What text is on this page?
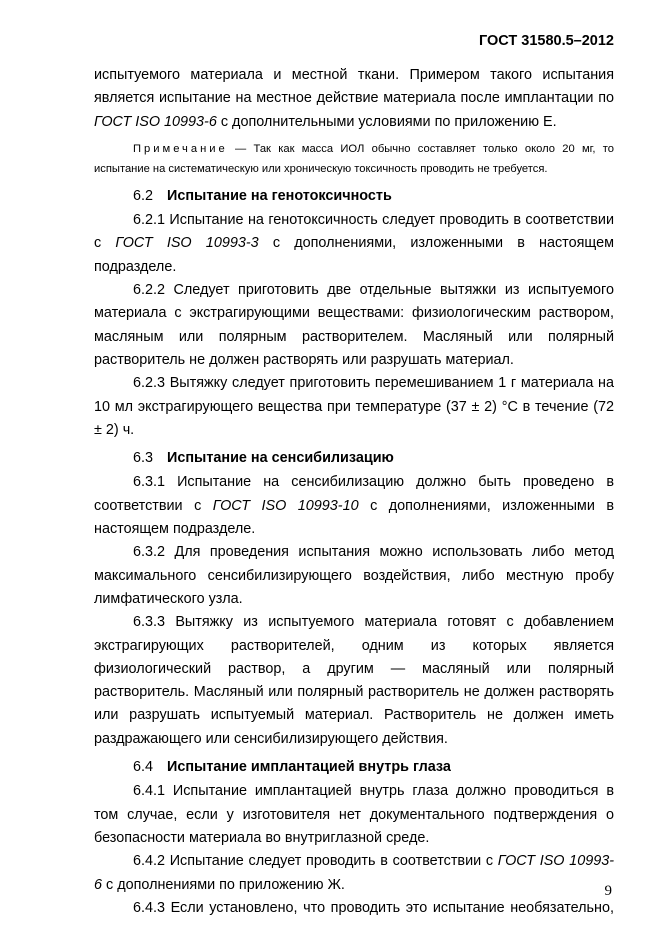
ГОСТ 31580.5–2012

испытуемого материала и местной ткани. Примером такого испытания является испытание на местное действие материала после имплантации по ГОСТ ISO 10993-6 с дополнительными условиями по приложению Е.

Примечание — Так как масса ИОЛ обычно составляет только около 20 мг, то испытание на систематическую или хроническую токсичность проводить не требуется.

6.2 Испытание на генотоксичность

6.2.1 Испытание на генотоксичность следует проводить в соответствии с ГОСТ ISO 10993-3 с дополнениями, изложенными в настоящем подразделе.

6.2.2 Следует приготовить две отдельные вытяжки из испытуемого материала с экстрагирующими веществами: физиологическим раствором, масляным или полярным растворителем. Масляный или полярный растворитель не должен растворять или разрушать материал.

6.2.3 Вытяжку следует приготовить перемешиванием 1 г материала на 10 мл экстрагирующего вещества при температуре (37 ± 2) °С в течение (72 ± 2) ч.

6.3 Испытание на сенсибилизацию

6.3.1 Испытание на сенсибилизацию должно быть проведено в соответствии с ГОСТ ISO 10993-10 с дополнениями, изложенными в настоящем подразделе.

6.3.2 Для проведения испытания можно использовать либо метод максимального сенсибилизирующего воздействия, либо местную пробу лимфатического узла.

6.3.3 Вытяжку из испытуемого материала готовят с добавлением экстрагирующих растворителей, одним из которых является физиологический раствор, а другим — масляный или полярный растворитель. Масляный или полярный растворитель не должен растворять или разрушать испытуемый материал. Растворитель не должен иметь раздражающего или сенсибилизирующего действия.

6.4 Испытание имплантацией внутрь глаза

6.4.1 Испытание имплантацией внутрь глаза должно проводиться в том случае, если у изготовителя нет документального подтверждения о безопасности материала во внутриглазной среде.

6.4.2 Испытание следует проводить в соответствии с ГОСТ ISO 10993-6 с дополнениями по приложению Ж.

6.4.3 Если установлено, что проводить это испытание необязательно,

9
